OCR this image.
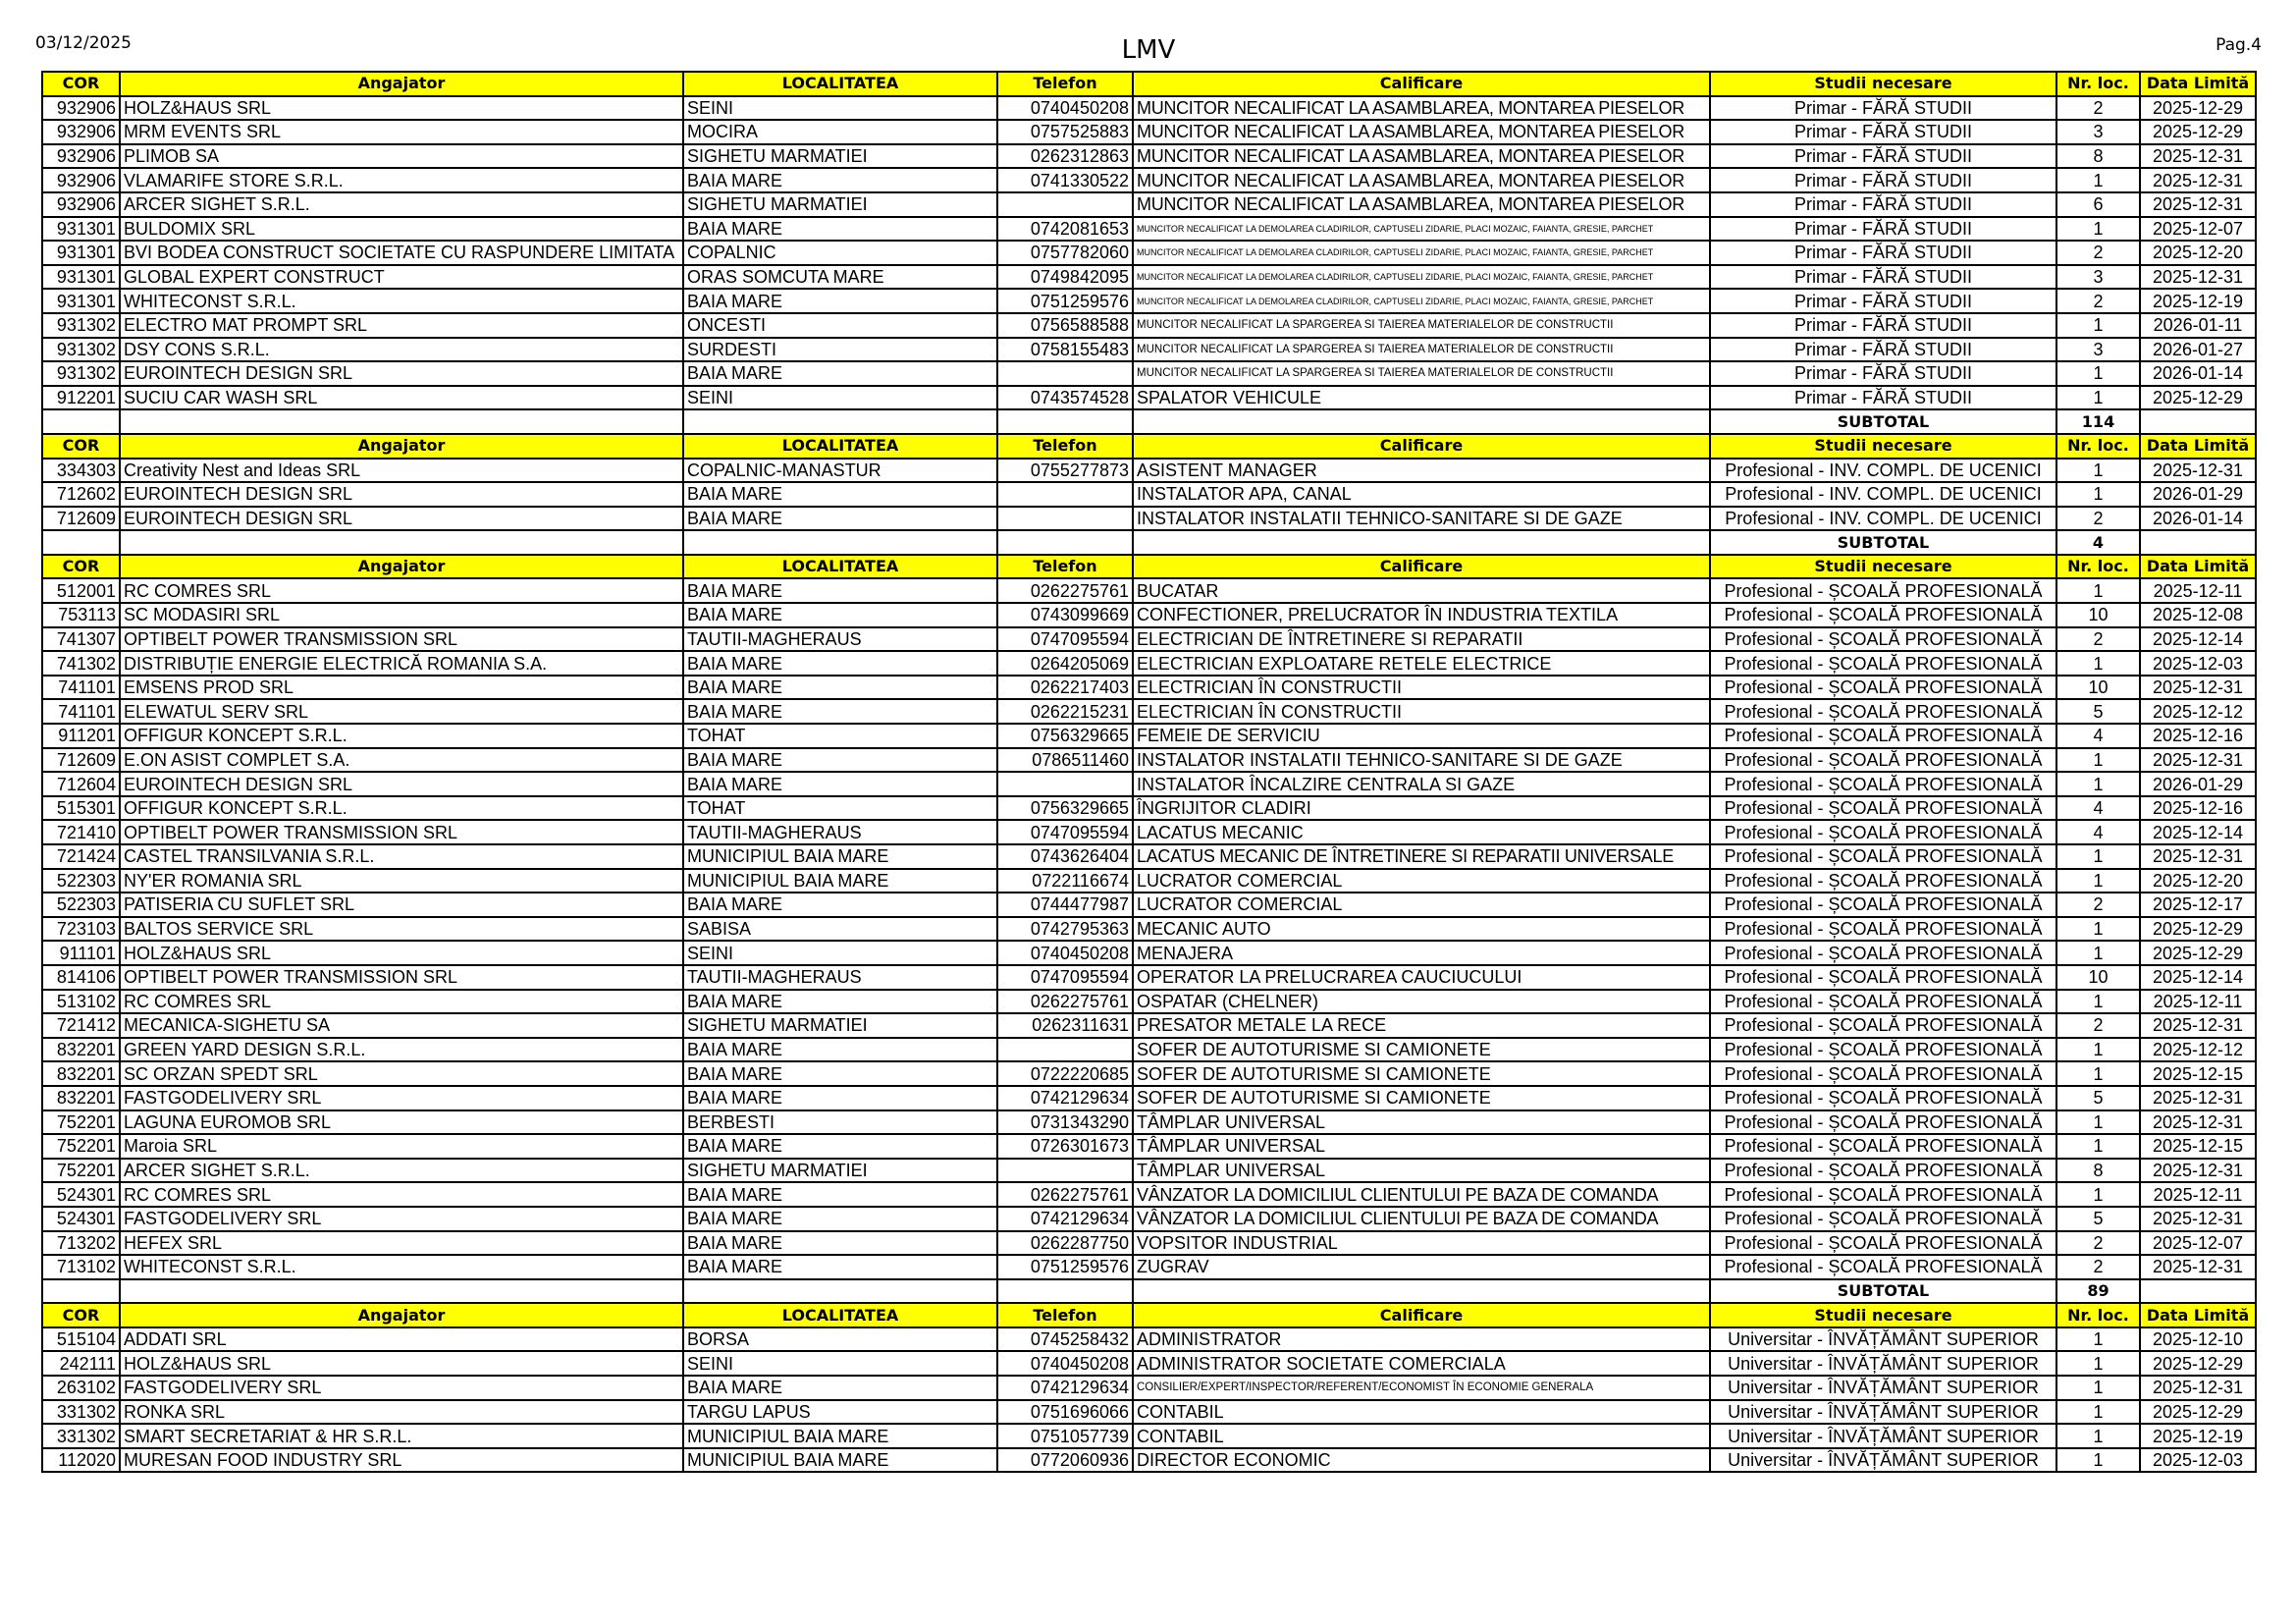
03/12/2025	LMV	Pag.4
COR	Angajator	LOCALITATEA	Telefon	Calificare	Studii necesare	Nr. loc.	Data Limită
932906	HOLZ&HAUS SRL	SEINI	0740450208	MUNCITOR NECALIFICAT LA ASAMBLAREA, MONTAREA PIESELOR	Primar - FĂRĂ STUDII	2	2025-12-29
932906	MRM EVENTS SRL	MOCIRA	0757525883	MUNCITOR NECALIFICAT LA ASAMBLAREA, MONTAREA PIESELOR	Primar - FĂRĂ STUDII	3	2025-12-29
932906	PLIMOB SA	SIGHETU MARMATIEI	0262312863	MUNCITOR NECALIFICAT LA ASAMBLAREA, MONTAREA PIESELOR	Primar - FĂRĂ STUDII	8	2025-12-31
932906	VLAMARIFE STORE S.R.L.	BAIA MARE	0741330522	MUNCITOR NECALIFICAT LA ASAMBLAREA, MONTAREA PIESELOR	Primar - FĂRĂ STUDII	1	2025-12-31
932906	ARCER SIGHET S.R.L.	SIGHETU MARMATIEI		MUNCITOR NECALIFICAT LA ASAMBLAREA, MONTAREA PIESELOR	Primar - FĂRĂ STUDII	6	2025-12-31
931301	BULDOMIX SRL	BAIA MARE	0742081653	MUNCITOR NECALIFICAT LA DEMOLAREA CLADIRILOR, CAPTUSELI ZIDARIE, PLACI MOZAIC, FAIANTA, GRESIE, PARCHET	Primar - FĂRĂ STUDII	1	2025-12-07
931301	BVI BODEA CONSTRUCT SOCIETATE CU RASPUNDERE LIMITATA	COPALNIC	0757782060	MUNCITOR NECALIFICAT LA DEMOLAREA CLADIRILOR, CAPTUSELI ZIDARIE, PLACI MOZAIC, FAIANTA, GRESIE, PARCHET	Primar - FĂRĂ STUDII	2	2025-12-20
931301	GLOBAL EXPERT CONSTRUCT	ORAS SOMCUTA MARE	0749842095	MUNCITOR NECALIFICAT LA DEMOLAREA CLADIRILOR, CAPTUSELI ZIDARIE, PLACI MOZAIC, FAIANTA, GRESIE, PARCHET	Primar - FĂRĂ STUDII	3	2025-12-31
931301	WHITECONST S.R.L.	BAIA MARE	0751259576	MUNCITOR NECALIFICAT LA DEMOLAREA CLADIRILOR, CAPTUSELI ZIDARIE, PLACI MOZAIC, FAIANTA, GRESIE, PARCHET	Primar - FĂRĂ STUDII	2	2025-12-19
931302	ELECTRO MAT PROMPT SRL	ONCESTI	0756588588	MUNCITOR NECALIFICAT LA SPARGEREA SI TAIEREA MATERIALELOR DE CONSTRUCTII	Primar - FĂRĂ STUDII	1	2026-01-11
931302	DSY CONS S.R.L.	SURDESTI	0758155483	MUNCITOR NECALIFICAT LA SPARGEREA SI TAIEREA MATERIALELOR DE CONSTRUCTII	Primar - FĂRĂ STUDII	3	2026-01-27
931302	EUROINTECH DESIGN SRL	BAIA MARE		MUNCITOR NECALIFICAT LA SPARGEREA SI TAIEREA MATERIALELOR DE CONSTRUCTII	Primar - FĂRĂ STUDII	1	2026-01-14
912201	SUCIU CAR WASH SRL	SEINI	0743574528	SPALATOR VEHICULE	Primar - FĂRĂ STUDII	1	2025-12-29
					SUBTOTAL	114	
COR	Angajator	LOCALITATEA	Telefon	Calificare	Studii necesare	Nr. loc.	Data Limită
334303	Creativity Nest and Ideas SRL	COPALNIC-MANASTUR	0755277873	ASISTENT MANAGER	Profesional - INV. COMPL. DE UCENICI	1	2025-12-31
712602	EUROINTECH DESIGN SRL	BAIA MARE		INSTALATOR APA, CANAL	Profesional - INV. COMPL. DE UCENICI	1	2026-01-29
712609	EUROINTECH DESIGN SRL	BAIA MARE		INSTALATOR INSTALATII TEHNICO-SANITARE SI DE GAZE	Profesional - INV. COMPL. DE UCENICI	2	2026-01-14
					SUBTOTAL	4	
COR	Angajator	LOCALITATEA	Telefon	Calificare	Studii necesare	Nr. loc.	Data Limită
512001	RC COMRES SRL	BAIA MARE	0262275761	BUCATAR	Profesional - ȘCOALĂ PROFESIONALĂ	1	2025-12-11
753113	SC MODASIRI SRL	BAIA MARE	0743099669	CONFECTIONER, PRELUCRATOR ÎN INDUSTRIA TEXTILA	Profesional - ȘCOALĂ PROFESIONALĂ	10	2025-12-08
741307	OPTIBELT POWER TRANSMISSION SRL	TAUTII-MAGHERAUS	0747095594	ELECTRICIAN DE ÎNTRETINERE SI REPARATII	Profesional - ȘCOALĂ PROFESIONALĂ	2	2025-12-14
741302	DISTRIBUȚIE ENERGIE ELECTRICĂ ROMANIA S.A.	BAIA MARE	0264205069	ELECTRICIAN EXPLOATARE RETELE ELECTRICE	Profesional - ȘCOALĂ PROFESIONALĂ	1	2025-12-03
741101	EMSENS PROD SRL	BAIA MARE	0262217403	ELECTRICIAN ÎN CONSTRUCTII	Profesional - ȘCOALĂ PROFESIONALĂ	10	2025-12-31
741101	ELEWATUL SERV SRL	BAIA MARE	0262215231	ELECTRICIAN ÎN CONSTRUCTII	Profesional - ȘCOALĂ PROFESIONALĂ	5	2025-12-12
911201	OFFIGUR KONCEPT S.R.L.	TOHAT	0756329665	FEMEIE DE SERVICIU	Profesional - ȘCOALĂ PROFESIONALĂ	4	2025-12-16
712609	E.ON ASIST COMPLET S.A.	BAIA MARE	0786511460	INSTALATOR INSTALATII TEHNICO-SANITARE SI DE GAZE	Profesional - ȘCOALĂ PROFESIONALĂ	1	2025-12-31
712604	EUROINTECH DESIGN SRL	BAIA MARE		INSTALATOR ÎNCALZIRE CENTRALA SI GAZE	Profesional - ȘCOALĂ PROFESIONALĂ	1	2026-01-29
515301	OFFIGUR KONCEPT S.R.L.	TOHAT	0756329665	ÎNGRIJITOR CLADIRI	Profesional - ȘCOALĂ PROFESIONALĂ	4	2025-12-16
721410	OPTIBELT POWER TRANSMISSION SRL	TAUTII-MAGHERAUS	0747095594	LACATUS MECANIC	Profesional - ȘCOALĂ PROFESIONALĂ	4	2025-12-14
721424	CASTEL TRANSILVANIA S.R.L.	MUNICIPIUL BAIA MARE	0743626404	LACATUS MECANIC DE ÎNTRETINERE SI REPARATII UNIVERSALE	Profesional - ȘCOALĂ PROFESIONALĂ	1	2025-12-31
522303	NY'ER ROMANIA SRL	MUNICIPIUL BAIA MARE	0722116674	LUCRATOR COMERCIAL	Profesional - ȘCOALĂ PROFESIONALĂ	1	2025-12-20
522303	PATISERIA CU SUFLET SRL	BAIA MARE	0744477987	LUCRATOR COMERCIAL	Profesional - ȘCOALĂ PROFESIONALĂ	2	2025-12-17
723103	BALTOS SERVICE SRL	SABISA	0742795363	MECANIC AUTO	Profesional - ȘCOALĂ PROFESIONALĂ	1	2025-12-29
911101	HOLZ&HAUS SRL	SEINI	0740450208	MENAJERA	Profesional - ȘCOALĂ PROFESIONALĂ	1	2025-12-29
814106	OPTIBELT POWER TRANSMISSION SRL	TAUTII-MAGHERAUS	0747095594	OPERATOR LA PRELUCRAREA CAUCIUCULUI	Profesional - ȘCOALĂ PROFESIONALĂ	10	2025-12-14
513102	RC COMRES SRL	BAIA MARE	0262275761	OSPATAR (CHELNER)	Profesional - ȘCOALĂ PROFESIONALĂ	1	2025-12-11
721412	MECANICA-SIGHETU SA	SIGHETU MARMATIEI	0262311631	PRESATOR METALE LA RECE	Profesional - ȘCOALĂ PROFESIONALĂ	2	2025-12-31
832201	GREEN YARD DESIGN S.R.L.	BAIA MARE		SOFER DE AUTOTURISME SI CAMIONETE	Profesional - ȘCOALĂ PROFESIONALĂ	1	2025-12-12
832201	SC ORZAN SPEDT SRL	BAIA MARE	0722220685	SOFER DE AUTOTURISME SI CAMIONETE	Profesional - ȘCOALĂ PROFESIONALĂ	1	2025-12-15
832201	FASTGODELIVERY SRL	BAIA MARE	0742129634	SOFER DE AUTOTURISME SI CAMIONETE	Profesional - ȘCOALĂ PROFESIONALĂ	5	2025-12-31
752201	LAGUNA EUROMOB SRL	BERBESTI	0731343290	TÂMPLAR UNIVERSAL	Profesional - ȘCOALĂ PROFESIONALĂ	1	2025-12-31
752201	Maroia SRL	BAIA MARE	0726301673	TÂMPLAR UNIVERSAL	Profesional - ȘCOALĂ PROFESIONALĂ	1	2025-12-15
752201	ARCER SIGHET S.R.L.	SIGHETU MARMATIEI		TÂMPLAR UNIVERSAL	Profesional - ȘCOALĂ PROFESIONALĂ	8	2025-12-31
524301	RC COMRES SRL	BAIA MARE	0262275761	VÂNZATOR LA DOMICILIUL CLIENTULUI PE BAZA DE COMANDA	Profesional - ȘCOALĂ PROFESIONALĂ	1	2025-12-11
524301	FASTGODELIVERY SRL	BAIA MARE	0742129634	VÂNZATOR LA DOMICILIUL CLIENTULUI PE BAZA DE COMANDA	Profesional - ȘCOALĂ PROFESIONALĂ	5	2025-12-31
713202	HEFEX SRL	BAIA MARE	0262287750	VOPSITOR INDUSTRIAL	Profesional - ȘCOALĂ PROFESIONALĂ	2	2025-12-07
713102	WHITECONST S.R.L.	BAIA MARE	0751259576	ZUGRAV	Profesional - ȘCOALĂ PROFESIONALĂ	2	2025-12-31
					SUBTOTAL	89	
COR	Angajator	LOCALITATEA	Telefon	Calificare	Studii necesare	Nr. loc.	Data Limită
515104	ADDATI SRL	BORSA	0745258432	ADMINISTRATOR	Universitar - ÎNVĂȚĂMÂNT SUPERIOR	1	2025-12-10
242111	HOLZ&HAUS SRL	SEINI	0740450208	ADMINISTRATOR SOCIETATE COMERCIALA	Universitar - ÎNVĂȚĂMÂNT SUPERIOR	1	2025-12-29
263102	FASTGODELIVERY SRL	BAIA MARE	0742129634	CONSILIER/EXPERT/INSPECTOR/REFERENT/ECONOMIST ÎN ECONOMIE GENERALA	Universitar - ÎNVĂȚĂMÂNT SUPERIOR	1	2025-12-31
331302	RONKA SRL	TARGU LAPUS	0751696066	CONTABIL	Universitar - ÎNVĂȚĂMÂNT SUPERIOR	1	2025-12-29
331302	SMART SECRETARIAT & HR S.R.L.	MUNICIPIUL BAIA MARE	0751057739	CONTABIL	Universitar - ÎNVĂȚĂMÂNT SUPERIOR	1	2025-12-19
112020	MURESAN FOOD INDUSTRY SRL	MUNICIPIUL BAIA MARE	0772060936	DIRECTOR ECONOMIC	Universitar - ÎNVĂȚĂMÂNT SUPERIOR	1	2025-12-03
